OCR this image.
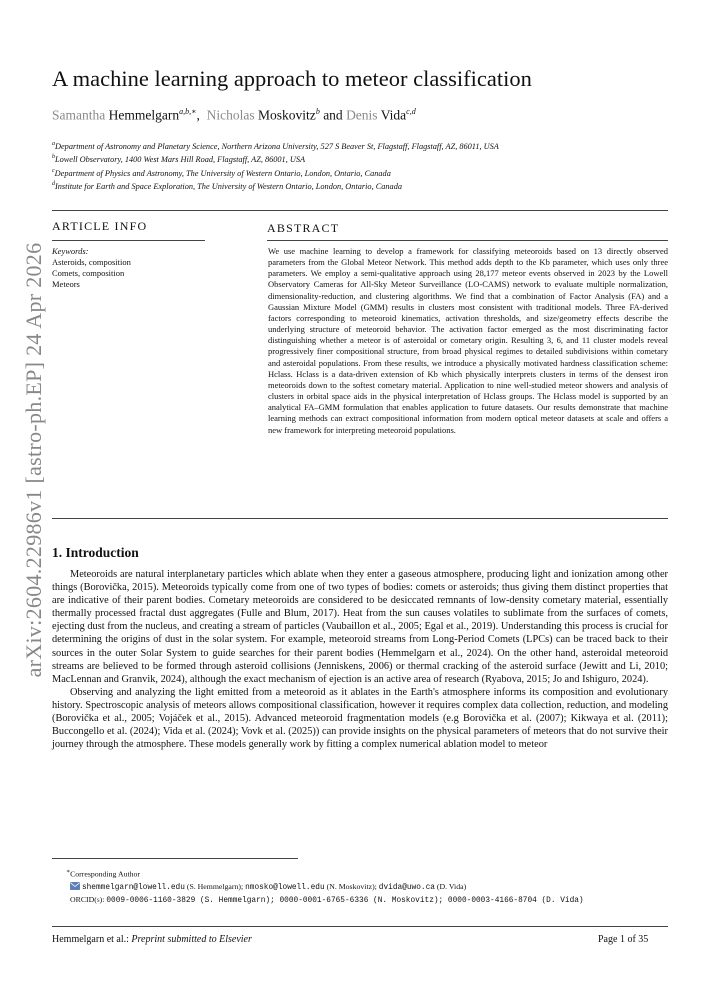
arXiv:2604.22986v1 [astro-ph.EP] 24 Apr 2026
A machine learning approach to meteor classification
Samantha Hemmelgarn$^{a,b,∗}$,  Nicholas Moskovitz$^b$ and Denis Vida$^{c,d}$
$^a$Department of Astronomy and Planetary Science, Northern Arizona University, 527 S Beaver St, Flagstaff, Flagstaff, AZ, 86011, USA
$^b$Lowell Observatory, 1400 West Mars Hill Road, Flagstaff, AZ, 86001, USA
$^c$Department of Physics and Astronomy, The University of Western Ontario, London, Ontario, Canada
$^d$Institute for Earth and Space Exploration, The University of Western Ontario, London, Ontario, Canada
ARTICLE INFO	ABSTRACT
Keywords:
Asteroids, composition
Comets, composition
Meteors

We use machine learning to develop a framework for classifying meteoroids based on 13 directly observed parameters from the Global Meteor Network. This method adds depth to the Kb parameter, which uses only three parameters. We employ a semi-qualitative approach using 28,177 meteor events observed in 2023 by the Lowell Observatory Cameras for All-Sky Meteor Surveillance (LO-CAMS) network to evaluate multiple normalization, dimensionality-reduction, and clustering algorithms. We find that a combination of Factor Analysis (FA) and a Gaussian Mixture Model (GMM) results in clusters most consistent with traditional models. Three FA-derived factors corresponding to meteoroid kinematics, activation thresholds, and size/geometry effects describe the underlying structure of meteoroid behavior. The activation factor emerged as the most discriminating factor distinguishing whether a meteor is of asteroidal or cometary origin. Resulting 3, 6, and 11 cluster models reveal progressively finer compositional structure, from broad physical regimes to detailed subdivisions within cometary and asteroidal populations. From these results, we introduce a physically motivated hardness classification scheme: Hclass. Hclass is a data-driven extension of Kb which physically interprets clusters in terms of the densest iron meteoroids down to the softest cometary material. Application to nine well-studied meteor showers and analysis of clusters in orbital space aids in the physical interpretation of Hclass groups. The Hclass model is supported by an analytical FA–GMM formulation that enables application to future datasets. Our results demonstrate that machine learning methods can extract compositional information from modern optical meteor datasets at scale and offers a new framework for interpreting meteoroid populations.

1. Introduction

Meteoroids are natural interplanetary particles which ablate when they enter a gaseous atmosphere, producing light and ionization among other things (Borovička, 2015). Meteoroids typically come from one of two types of bodies: comets or asteroids; thus giving them distinct properties that are indicative of their parent bodies. Cometary meteoroids are considered to be desiccated remnants of low-density cometary material, essentially thermally processed fractal dust aggregates (Fulle and Blum, 2017). Heat from the sun causes volatiles to sublimate from the surfaces of comets, ejecting dust from the nucleus, and creating a stream of particles (Vaubaillon et al., 2005; Egal et al., 2019). Understanding this process is crucial for determining the origins of dust in the solar system. For example, meteoroid streams from Long-Period Comets (LPCs) can be traced back to their sources in the outer Solar System to guide searches for their parent bodies (Hemmelgarn et al., 2024). On the other hand, asteroidal meteoroid streams are believed to be formed through asteroid collisions (Jenniskens, 2006) or thermal cracking of the asteroid surface (Jewitt and Li, 2010; MacLennan and Granvik, 2024), although the exact mechanism of ejection is an active area of research (Ryabova, 2015; Jo and Ishiguro, 2024).

Observing and analyzing the light emitted from a meteoroid as it ablates in the Earth's atmosphere informs its composition and evolutionary history. Spectroscopic analysis of meteors allows compositional classification, however it requires complex data collection, reduction, and modeling (Borovička et al., 2005; Vojáček et al., 2015). Advanced meteoroid fragmentation models (e.g Borovička et al. (2007); Kikwaya et al. (2011); Buccongello et al. (2024); Vida et al. (2024); Vovk et al. (2025)) can provide insights on the physical parameters of meteors that do not survive their journey through the atmosphere. These models generally work by fitting a complex numerical ablation model to meteor

∗Corresponding Author
shemmelgarn@lowell.edu (S. Hemmelgarn); nmosko@lowell.edu (N. Moskovitz); dvida@uwo.ca (D. Vida)
ORCID(s): 0009-0006-1160-3829 (S. Hemmelgarn); 0000-0001-6765-6336 (N. Moskovitz); 0000-0003-4166-8704 (D. Vida)
Hemmelgarn et al.: Preprint submitted to Elsevier	Page 1 of 35
